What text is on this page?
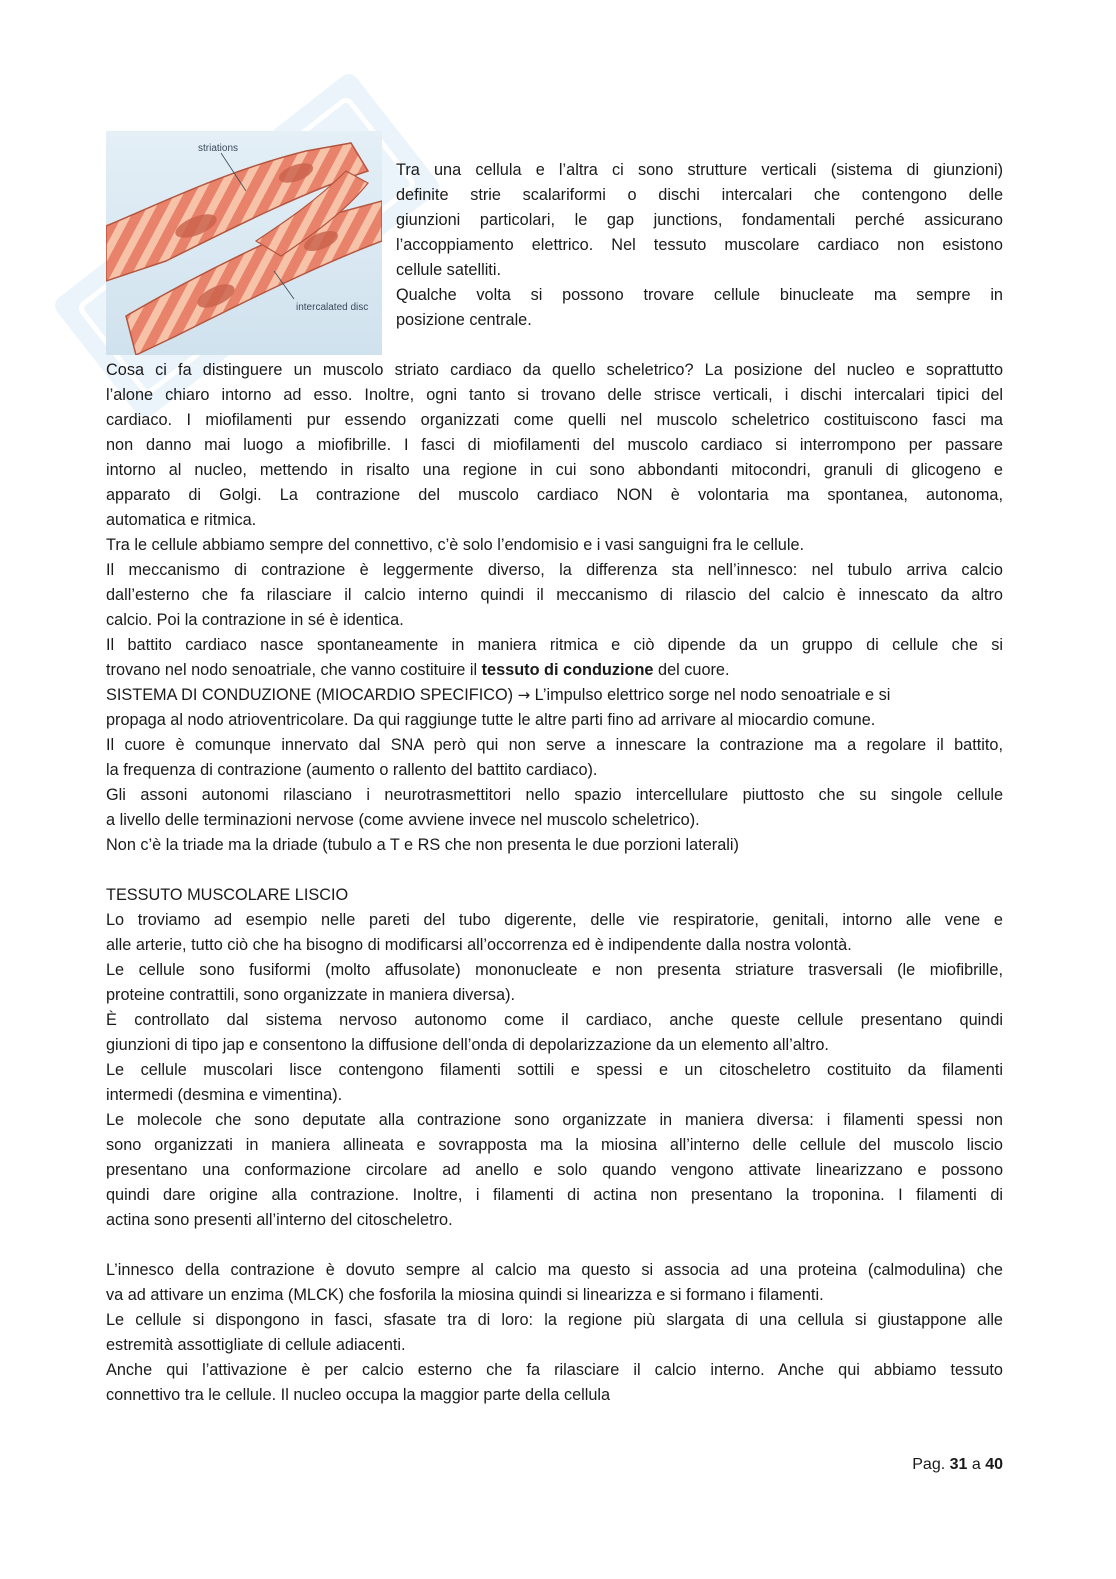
striations
intercalated disc
Tra una cellula e l’altra ci sono strutture verticali (sistema di giunzioni)
definite strie scalariformi o dischi intercalari che contengono delle
giunzioni particolari, le gap junctions, fondamentali perché assicurano
l’accoppiamento elettrico. Nel tessuto muscolare cardiaco non esistono
cellule satelliti.
Qualche volta si possono trovare cellule binucleate ma sempre in
posizione centrale.
Cosa ci fa distinguere un muscolo striato cardiaco da quello scheletrico? La posizione del nucleo e soprattutto
l’alone chiaro intorno ad esso. Inoltre, ogni tanto si trovano delle strisce verticali, i dischi intercalari tipici del
cardiaco. I miofilamenti pur essendo organizzati come quelli nel muscolo scheletrico costituiscono fasci ma
non danno mai luogo a miofibrille. I fasci di miofilamenti del muscolo cardiaco si interrompono per passare
intorno al nucleo, mettendo in risalto una regione in cui sono abbondanti mitocondri, granuli di glicogeno e
apparato di Golgi. La contrazione del muscolo cardiaco NON è volontaria ma spontanea, autonoma,
automatica e ritmica.
Tra le cellule abbiamo sempre del connettivo, c’è solo l’endomisio e i vasi sanguigni fra le cellule.
Il meccanismo di contrazione è leggermente diverso, la differenza sta nell’innesco: nel tubulo arriva calcio
dall’esterno che fa rilasciare il calcio interno quindi il meccanismo di rilascio del calcio è innescato da altro
calcio. Poi la contrazione in sé è identica.
Il battito cardiaco nasce spontaneamente in maniera ritmica e ciò dipende da un gruppo di cellule che si
trovano nel nodo senoatriale, che vanno costituire il tessuto di conduzione del cuore.
SISTEMA DI CONDUZIONE (MIOCARDIO SPECIFICO) → L’impulso elettrico sorge nel nodo senoatriale e si
propaga al nodo atrioventricolare. Da qui raggiunge tutte le altre parti fino ad arrivare al miocardio comune.
Il cuore è comunque innervato dal SNA però qui non serve a innescare la contrazione ma a regolare il battito,
la frequenza di contrazione (aumento o rallento del battito cardiaco).
Gli assoni autonomi rilasciano i neurotrasmettitori nello spazio intercellulare piuttosto che su singole cellule
a livello delle terminazioni nervose (come avviene invece nel muscolo scheletrico).
Non c’è la triade ma la driade (tubulo a T e RS che non presenta le due porzioni laterali)
TESSUTO MUSCOLARE LISCIO
Lo troviamo ad esempio nelle pareti del tubo digerente, delle vie respiratorie, genitali, intorno alle vene e
alle arterie, tutto ciò che ha bisogno di modificarsi all’occorrenza ed è indipendente dalla nostra volontà.
Le cellule sono fusiformi (molto affusolate) mononucleate e non presenta striature trasversali (le miofibrille,
proteine contrattili, sono organizzate in maniera diversa).
È controllato dal sistema nervoso autonomo come il cardiaco, anche queste cellule presentano quindi
giunzioni di tipo jap e consentono la diffusione dell’onda di depolarizzazione da un elemento all’altro.
Le cellule muscolari lisce contengono filamenti sottili e spessi e un citoscheletro costituito da filamenti
intermedi (desmina e vimentina).
Le molecole che sono deputate alla contrazione sono organizzate in maniera diversa: i filamenti spessi non
sono organizzati in maniera allineata e sovrapposta ma la miosina all’interno delle cellule del muscolo liscio
presentano una conformazione circolare ad anello e solo quando vengono attivate linearizzano e possono
quindi dare origine alla contrazione. Inoltre, i filamenti di actina non presentano la troponina. I filamenti di
actina sono presenti all’interno del citoscheletro.
L’innesco della contrazione è dovuto sempre al calcio ma questo si associa ad una proteina (calmodulina) che
va ad attivare un enzima (MLCK) che fosforila la miosina quindi si linearizza e si formano i filamenti.
Le cellule si dispongono in fasci, sfasate tra di loro: la regione più slargata di una cellula si giustappone alle
estremità assottigliate di cellule adiacenti.
Anche qui l’attivazione è per calcio esterno che fa rilasciare il calcio interno. Anche qui abbiamo tessuto
connettivo tra le cellule. Il nucleo occupa la maggior parte della cellula
Pag. 31 a 40
